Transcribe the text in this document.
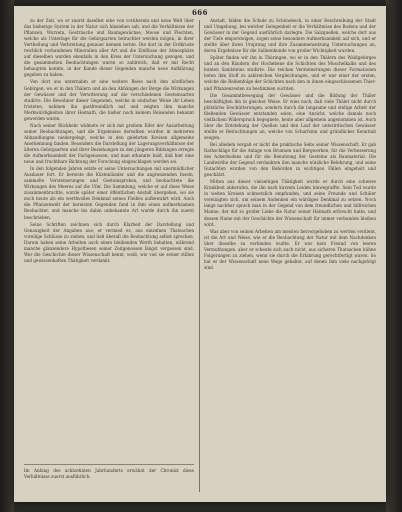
666

zu der Zeit, wo er zuerst daselbst eine von vornherein und neue Welt über das bisherige System in der Natur sich hinziehen sah, und die Verhältnisse der Pflanzen, Wurzeln, Gesträuche und Baumgewächse, Moose und Flechten, welche als Unterlage für die Gebirgsarten betrachtet werden mögen, in ihrer Vertheilung und Verbreitung genauer kennen lernte. Die dort in der Erdkruste reichlich vorhandenen Mineralien aller Art und die Einflüsse der Atmosphäre auf dieselben wurden ebenfalls in den Kreis der Untersuchung gezogen, und die gesammelten Beobachtungen waren so zahlreich, daß er mit Recht behaupten konnte, in der Kunde dieser Gegenden manche neue Aufklärung gegeben zu haben.

Von dort aus unternahm er eine weitere Reise nach den nördlichen Gebirgen, wo er in den Thälern und an den Abhängen der Berge die Wirkungen der Gewässer und der Verwitterung auf die verschiedenen Gesteinsarten studirte. Die Bewohner dieser Gegenden, welche in einfacher Weise ihr Leben fristeten, nahmen ihn gastfreundlich auf und zeigten ihm manche Merkwürdigkeiten ihrer Heimath, die bisher noch keinem Reisenden bekannt geworden waren.

Nach seiner Rückkehr widmete er sich mit großem Eifer der Ausarbeitung seiner Beobachtungen, und die Ergebnisse derselben wurden in mehreren Abhandlungen niedergelegt, welche in den gelehrten Kreisen allgemeine Anerkennung fanden. Besonders die Darstellung der Lagerungsverhältnisse der älteren Gebirgsarten und ihrer Beziehungen zu den jüngeren Bildungen erregte die Aufmerksamkeit der Fachgenossen, und man erkannte bald, daß hier eine neue und fruchtbare Richtung der Forschung eingeschlagen worden sei.

In den folgenden Jahren setzte er seine Untersuchungen mit unermüdlicher Ausdauer fort. Er bereiste die Küstenländer und die angrenzenden Inseln, sammelte Versteinerungen und Gesteinsproben, und beobachtete die Wirkungen des Meeres auf die Ufer. Die Sammlung, welche er auf diese Weise zusammenbrachte, wurde später einer öffentlichen Anstalt übergeben, wo sie noch heute als ein werthvolles Denkmal seines Fleißes aufbewahrt wird. Auch die Pflanzenwelt der bereisten Gegenden fand in ihm einen aufmerksamen Beobachter, und manche bis dahin unbekannte Art wurde durch ihn zuerst beschrieben.

Seine Schriften zeichnen sich durch Klarheit der Darstellung und Genauigkeit der Angaben aus; er vermied es, aus einzelnen Thatsachen voreilige Schlüsse zu ziehen, und ließ überall die Beobachtung selbst sprechen. Darum haben seine Arbeiten auch einen bleibenden Werth behalten, während manche glänzendere Hypothesen seiner Zeitgenossen längst vergessen sind. Wer die Geschichte dieser Wissenschaft kennt, weiß, wie viel sie seiner stillen und gewissenhaften Thätigkeit verdankt.

Anstalt, bilden die Schule zu Schönebeck, in einer Beschreibung der Stadt und Umgebung, bei welcher Gelegenheit er die Verhältnisse des Bodens und der Gewässer in der Gegend ausführlich darlegte. Die Salzquellen, welche dort aus der Tiefe emporsteigen, zogen seine besondere Aufmerksamkeit auf sich, und er stellte über ihren Ursprung und ihre Zusammensetzung Untersuchungen an, deren Ergebnisse für die Salinenkunde von großer Wichtigkeit wurden.

Später finden wir ihn in Thüringen, wo er in den Thälern des Waldgebirges und an den Rändern der Hochebene die Schichten des Muschelkalks und des bunten Sandsteins studirte. Die reichen Versteinerungen dieser Formationen boten ihm Stoff zu zahlreichen Vergleichungen, und er war einer der ersten, welche die Reihenfolge der Schichten nach den in ihnen eingeschlossenen Thier- und Pflanzenresten zu bestimmen suchten.

Die Gesammtbewegung der Gewässer und die Bildung der Thäler beschäftigten ihn in gleicher Weise. Er wies nach, daß viele Thäler nicht durch plötzliche Erschütterungen, sondern durch die langsame und stetige Arbeit der fließenden Gewässer entstanden seien, eine Ansicht, welche damals noch vielfachem Widerspruch begegnete, heute aber allgemein angenommen ist. Auch über die Entstehung der Quellen und den Lauf der unterirdischen Gewässer stellte er Betrachtungen an, welche von Scharfsinn und gründlicher Kenntniß zeugen.

Bei alledem vergaß er nicht die praktische Seite seiner Wissenschaft. Er gab Rathschläge für die Anlage von Brunnen und Bergwerken, für die Verbesserung des Ackerbodens und für die Benutzung der Gesteine als Baumaterial. Die Landwirthe der Gegend verdankten ihm manche nützliche Belehrung, und seine Gutachten wurden von den Behörden in wichtigen Fällen eingeholt und geschätzt.

Mitten aus dieser vielseitigen Thätigkeit wurde er durch eine schwere Krankheit abberufen, die ihn nach kurzem Leiden hinwegraffte. Sein Tod wurde in weiten Kreisen schmerzlich empfunden, und seine Freunde und Schüler vereinigten sich, um seinem Andenken ein würdiges Denkmal zu setzen. Noch lange nachher sprach man in der Gegend von dem freundlichen und hilfreichen Manne, der mit so großer Liebe die Natur seiner Heimath erforscht hatte, und dessen Name mit der Geschichte der Wissenschaft für immer verbunden bleiben wird.

Was aber von seinen Arbeiten am meisten hervorgehoben zu werden verdient, ist die Art und Weise, wie er die Beobachtung der Natur mit dem Nachdenken über dieselbe zu verbinden wußte. Er war kein Freund von leeren Vermuthungen, aber er scheute sich auch nicht, aus sicheren Thatsachen kühne Folgerungen zu ziehen, wenn sie durch die Erfahrung gerechtfertigt waren. So hat er der Wissenschaft neue Wege gebahnt, auf denen ihm viele nachgefolgt sind.

Im Anfang des achtzehnten Jahrhunderts erwähnt der Chronist diese Verhältnisse zuerst ausführlich.
